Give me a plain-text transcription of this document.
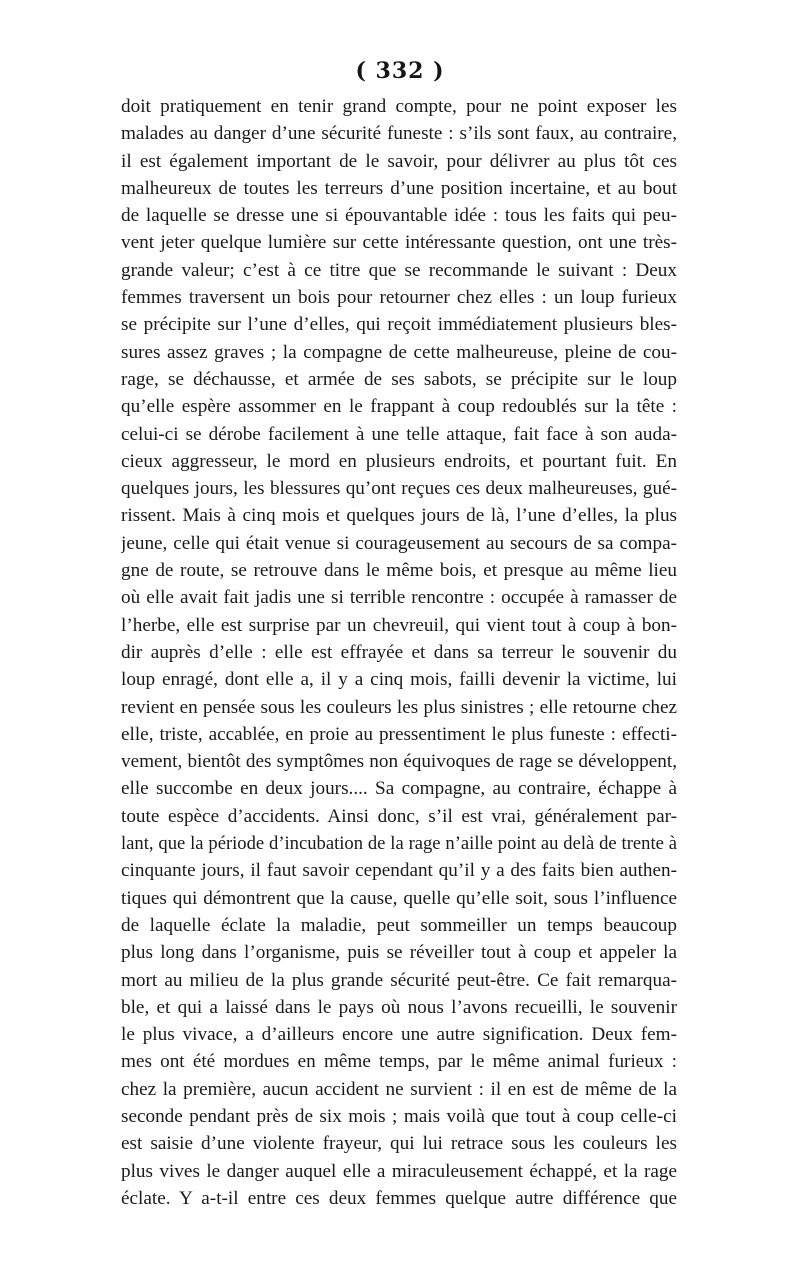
( 332 )
doit pratiquement en tenir grand compte, pour ne point exposer les
malades au danger d’une sécurité funeste : s’ils sont faux, au contraire,
il est également important de le savoir, pour délivrer au plus tôt ces
malheureux de toutes les terreurs d’une position incertaine, et au bout
de laquelle se dresse une si épouvantable idée : tous les faits qui peu-
vent jeter quelque lumière sur cette intéressante question, ont une très-
grande valeur; c’est à ce titre que se recommande le suivant : Deux
femmes traversent un bois pour retourner chez elles : un loup furieux
se précipite sur l’une d’elles, qui reçoit immédiatement plusieurs bles-
sures assez graves ; la compagne de cette malheureuse, pleine de cou-
rage, se déchausse, et armée de ses sabots, se précipite sur le loup
qu’elle espère assommer en le frappant à coup redoublés sur la tête :
celui-ci se dérobe facilement à une telle attaque, fait face à son auda-
cieux aggresseur, le mord en plusieurs endroits, et pourtant fuit. En
quelques jours, les blessures qu’ont reçues ces deux malheureuses, gué-
rissent. Mais à cinq mois et quelques jours de là, l’une d’elles, la plus
jeune, celle qui était venue si courageusement au secours de sa compa-
gne de route, se retrouve dans le même bois, et presque au même lieu
où elle avait fait jadis une si terrible rencontre : occupée à ramasser de
l’herbe, elle est surprise par un chevreuil, qui vient tout à coup à bon-
dir auprès d’elle : elle est effrayée et dans sa terreur le souvenir du
loup enragé, dont elle a, il y a cinq mois, failli devenir la victime, lui
revient en pensée sous les couleurs les plus sinistres ; elle retourne chez
elle, triste, accablée, en proie au pressentiment le plus funeste : effecti-
vement, bientôt des symptômes non équivoques de rage se développent,
elle succombe en deux jours.... Sa compagne, au contraire, échappe à
toute espèce d’accidents. Ainsi donc, s’il est vrai, généralement par-
lant, que la période d’incubation de la rage n’aille point au delà de trente à
cinquante jours, il faut savoir cependant qu’il y a des faits bien authen-
tiques qui démontrent que la cause, quelle qu’elle soit, sous l’influence
de laquelle éclate la maladie, peut sommeiller un temps beaucoup
plus long dans l’organisme, puis se réveiller tout à coup et appeler la
mort au milieu de la plus grande sécurité peut-être. Ce fait remarqua-
ble, et qui a laissé dans le pays où nous l’avons recueilli, le souvenir
le plus vivace, a d’ailleurs encore une autre signification. Deux fem-
mes ont été mordues en même temps, par le même animal furieux :
chez la première, aucun accident ne survient : il en est de même de la
seconde pendant près de six mois ; mais voilà que tout à coup celle-ci
est saisie d’une violente frayeur, qui lui retrace sous les couleurs les
plus vives le danger auquel elle a miraculeusement échappé, et la rage
éclate. Y a-t-il entre ces deux femmes quelque autre différence que
